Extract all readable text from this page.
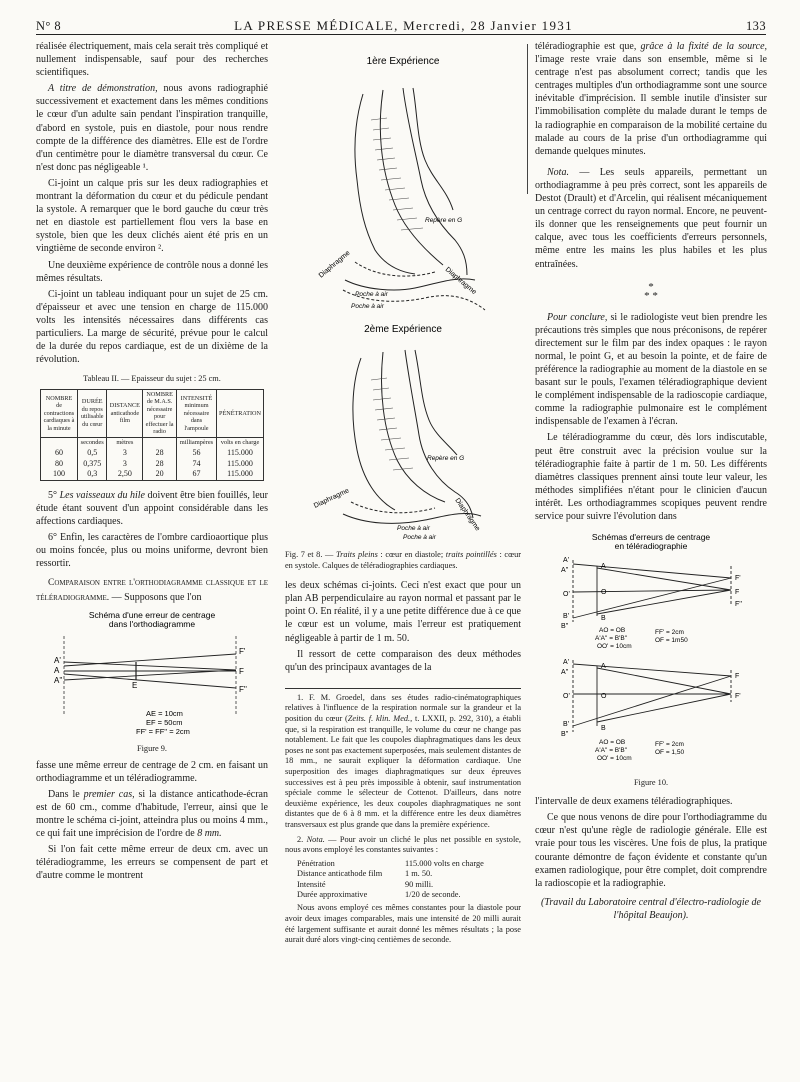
N° 8	LA PRESSE MÉDICALE, Mercredi, 28 Janvier 1931	133

réalisée électriquement, mais cela serait très compliqué et nullement indispensable, sauf pour des recherches scientifiques.

A titre de démonstration, nous avons radiographié successivement et exactement dans les mêmes conditions le cœur d'un adulte sain pendant l'inspiration tranquille, d'abord en systole, puis en diastole, pour nous rendre compte de la différence des diamètres. Elle est de l'ordre d'un centimètre pour le diamètre transversal du cœur. Ce n'est donc pas négligeable ¹.

Ci-joint un calque pris sur les deux radiographies et montrant la déformation du cœur et du pédicule pendant la systole. A remarquer que le bord gauche du cœur très net en diastole est partiellement flou vers la base en systole, bien que les deux clichés aient été pris en un vingtième de seconde environ ².

Une deuxième expérience de contrôle nous a donné les mêmes résultats.

Ci-joint un tableau indiquant pour un sujet de 25 cm. d'épaisseur et avec une tension en charge de 115.000 volts les intensités nécessaires dans différents cas particuliers. La marge de sécurité, prévue pour le calcul de la durée du repos cardiaque, est de un dixième de la révolution.

Tableau II. — Epaisseur du sujet : 25 cm.
NOMBRE de contractions cardiaques à la minute	DURÉE du repos utilisable du cœur	DISTANCE anticathode film	NOMBRE de M.A.S. nécessaire pour effectuer la radio	INTENSITÉ minimum nécessaire dans l'ampoule	PÉNÉTRATION
	secondes	mètres		milliampères	volts en charge
60	0,5	3	28	56	115.000
80	0,375	3	28	74	115.000
100	0,3	2,50	20	67	115.000

5° Les vaisseaux du hile doivent être bien fouillés, leur étude étant souvent d'un appoint considérable dans les affections cardiaques.

6° Enfin, les caractères de l'ombre cardioaortique plus ou moins foncée, plus ou moins uniforme, devront bien ressortir.

Comparaison entre l'orthodiagramme classique et le téléradiogramme. — Supposons que l'on

Schéma d'une erreur de centrage
dans l'orthodiagramme
A'
A
A''
E
F'
F
F''
AE = 10cm
EF = 50cm
FF' = FF'' = 2cm
Figure 9.

fasse une même erreur de centrage de 2 cm. en faisant un orthodiagramme et un téléradiogramme.

Dans le premier cas, si la distance anticathode-écran est de 60 cm., comme d'habitude, l'erreur, ainsi que le montre le schéma ci-joint, atteindra plus ou moins 4 mm., ce qui fait une imprécision de l'ordre de 8 mm.

Si l'on fait cette même erreur de deux cm. avec un téléradiogramme, les erreurs se compensent de part et d'autre comme le montrent

1ère Expérience
Repère en G
Diaphragme
Diaphragme
Poche à air
Poche à air
2ème Expérience
Repère en G
Diaphragme	Diaphragme
Poche à air
Poche à air
Fig. 7 et 8. — Traits pleins : cœur en diastole; traits pointillés : cœur en systole. Calques de téléradiographies cardiaques.

les deux schémas ci-joints. Ceci n'est exact que pour un plan AB perpendiculaire au rayon normal et passant par le point O. En réalité, il y a une petite différence due à ce que le cœur est un volume, mais l'erreur est pratiquement négligeable à partir de 1 m. 50.

Il ressort de cette comparaison des deux méthodes qu'un des principaux avantages de la

1. F. M. Groedel, dans ses études radio-cinématographiques relatives à l'influence de la respiration normale sur la grandeur et la position du cœur (Zeits. f. klin. Med., t. LXXII, p. 292, 310), a établi que, si la respiration est tranquille, le volume du cœur ne change pas notablement. Le fait que les coupoles diaphragmatiques dans les deux poses ne sont pas exactement superposées, mais seulement distantes de 18 mm., ne saurait expliquer la déformation cardiaque. Une superposition des images diaphragmatiques sur deux épreuves successives est à peu près impossible à obtenir, sauf instrumentation spéciale comme le sélecteur de Cottenot. D'ailleurs, dans notre deuxième expérience, les deux coupoles diaphragmatiques ne sont distantes que de 6 à 8 mm. et la différence entre les deux diamètres transversaux est plus grande que dans la première expérience.

2. Nota. — Pour avoir un cliché le plus net possible en systole, nous avons employé les constantes suivantes :

Pénétration	115.000 volts en charge
Distance anticathode film	1 m. 50.
Intensité	90 milli.
Durée approximative	1/20 de seconde.

Nous avons employé ces mêmes constantes pour la diastole pour avoir deux images comparables, mais une intensité de 20 milli aurait été largement suffisante et aurait donné les mêmes résultats ; la pose aurait duré alors vingt-cinq centièmes de seconde.

téléradiographie est que, grâce à la fixité de la source, l'image reste vraie dans son ensemble, même si le centrage n'est pas absolument correct; tandis que les centrages multiples d'un orthodiagramme sont une source inévitable d'imprécision. Il semble inutile d'insister sur l'immobilisation complète du malade durant le temps de la radiographie en comparaison de la mobilité certaine du malade au cours de la prise d'un orthodiagramme qui demande quelques minutes.

Nota. — Les seuls appareils, permettant un orthodiagramme à peu près correct, sont les appareils de Destot (Drault) et d'Arcelin, qui réalisent mécaniquement un centrage correct du rayon normal. Encore, ne peuvent-ils donner que les renseignements que peut fournir un calque, avec tous les coefficients d'erreurs personnels, même entre les mains les plus habiles et les plus entraînées.

*
* *

Pour conclure, si le radiologiste veut bien prendre les précautions très simples que nous préconisons, de repérer directement sur le film par des index opaques : le rayon normal, le point G, et au besoin la pointe, et de faire de préférence la radiographie au moment de la diastole en se basant sur le pouls, l'examen téléradiographique devient le complément indispensable de la radioscopie cardiaque, comme la radiographie pulmonaire est le complément indispensable de l'examen à l'écran.

Le téléradiogramme du cœur, dès lors indiscutable, peut être construit avec la précision voulue sur la téléradiographie faite à partir de 1 m. 50. Les différents diamètres classiques prennent ainsi toute leur valeur, les méthodes simplifiées n'étant pour le clinicien d'aucun intérêt. Les orthodiagrammes scopiques peuvent rendre service pour suivre l'évolution dans

Schémas d'erreurs de centrage
en téléradiographie
A'
A''
O'
B'
B''
A
O
B
F'
F
F''
AO = OB
A'A'' = B'B''
OO' = 10cm
FF' = 2cm
OF = 1m50
A'
A''
O'
B'
B''
A
O
B
F
F'
AO = OB
A'A'' = B'B''
OO' = 10cm
FF' = 2cm
OF = 1,50
Figure 10.

l'intervalle de deux examens téléradiographiques.

Ce que nous venons de dire pour l'orthodiagramme du cœur n'est qu'une règle de radiologie générale. Elle est vraie pour tous les viscères. Une fois de plus, la pratique courante démontre de façon évidente et constante qu'un examen radiologique, pour être complet, doit comprendre la radioscopie et la radiographie.

(Travail du Laboratoire central d'électro-radiologie de l'hôpital Beaujon).
